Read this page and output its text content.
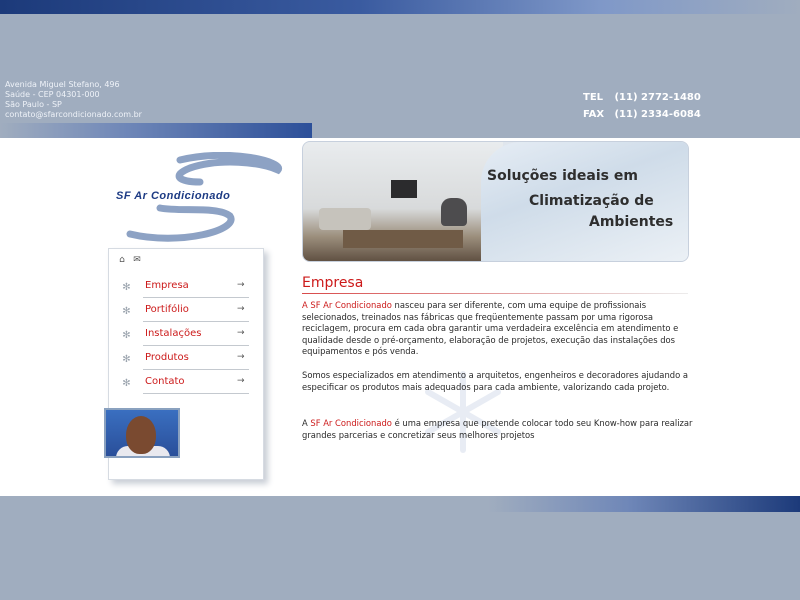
Avenida Miguel Stefano, 496
Saúde - CEP 04301-000
São Paulo - SP
contato@sfarcondicionado.com.br
TEL (11) 2772-1480
FAX (11) 2334-6084
SF Ar Condicionado
Soluções ideais em
Climatização de
Ambientes
⌂ ✉
✻ Empresa	→
✻ Portifólio	→
✻ Instalações	→
✻ Produtos	→
✻ Contato	→
Empresa
A SF Ar Condicionado nasceu para ser diferente, com uma equipe de profissionais selecionados, treinados nas fábricas que freqüentemente passam por uma rigorosa reciclagem, procura em cada obra garantir uma verdadeira excelência em atendimento e qualidade desde o pré-orçamento, elaboração de projetos, execução das instalações dos equipamentos e pós venda.
Somos especializados em atendimento a arquitetos, engenheiros e decoradores ajudando a especificar os produtos mais adequados para cada ambiente, valorizando cada projeto.
A SF Ar Condicionado é uma empresa que pretende colocar todo seu Know-how para realizar grandes parcerias e concretizar seus melhores projetos
